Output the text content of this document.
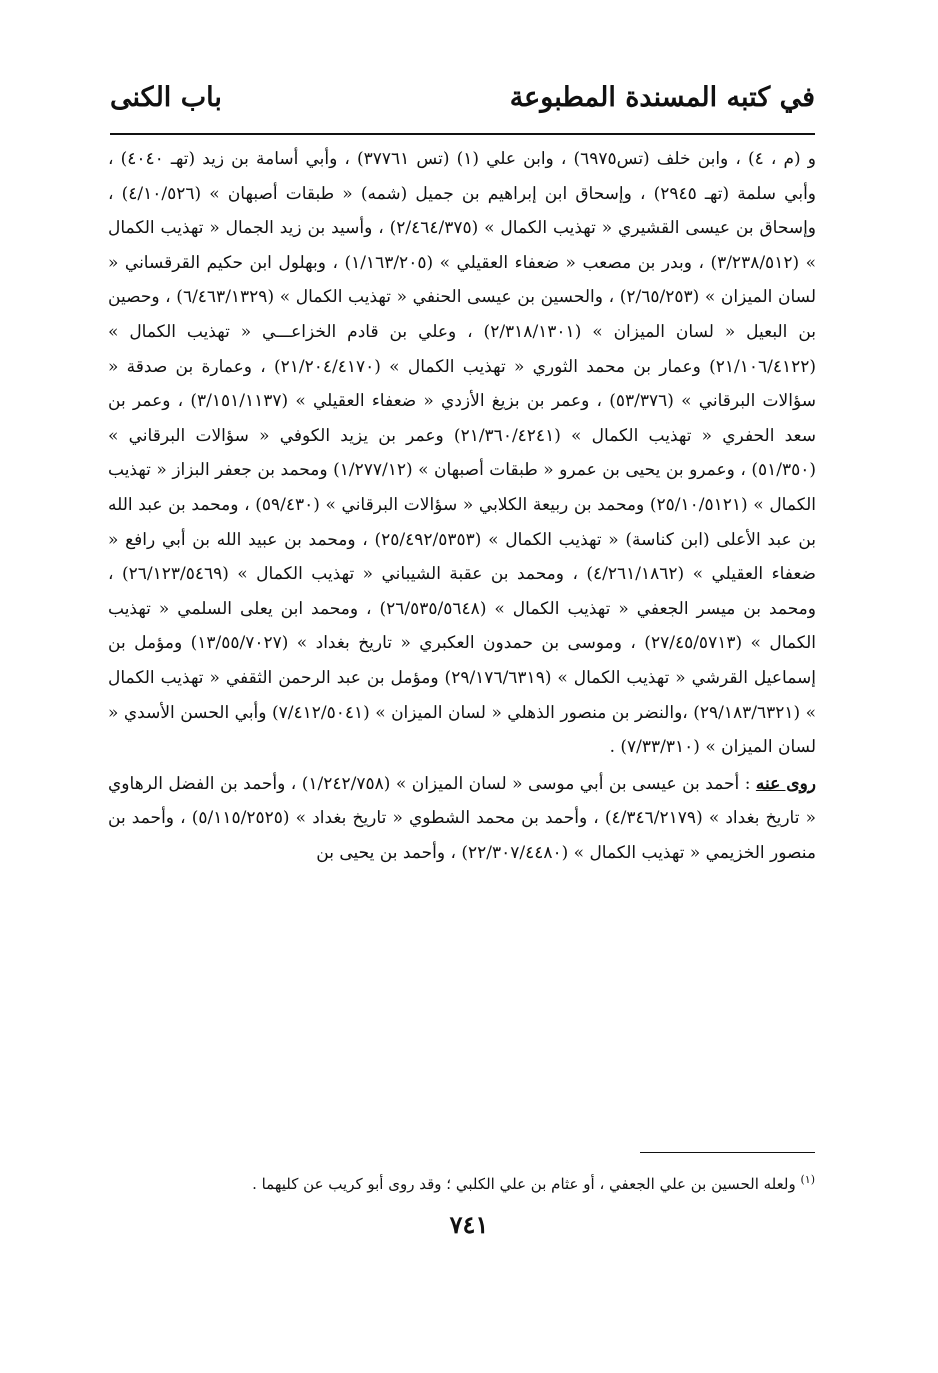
في كتبه المسندة المطبوعة
باب الكنى

و (م ، ٤) ، وابن خلف (تس٦٩٧٥) ، وابن علي (١) (تس ٣٧٧٦١) ، وأبي أسامة بن زيد (تهـ ٤٠٤٠) ، وأبي سلمة (تهـ ٢٩٤٥) ، وإسحاق ابن إبراهيم بن جميل (شمه) « طبقات أصبهان » (٤/١٠/٥٢٦) ، وإسحاق بن عيسى القشيري « تهذيب الكمال » (٢/٤٦٤/٣٧٥) ، وأسيد بن زيد الجمال « تهذيب الكمال » (٣/٢٣٨/٥١٢) ، وبدر بن مصعب « ضعفاء العقيلي » (١/١٦٣/٢٠٥) ، وبهلول ابن حكيم القرقساني « لسان الميزان » (٢/٦٥/٢٥٣) ، والحسين بن عيسى الحنفي « تهذيب الكمال » (٦/٤٦٣/١٣٢٩) ، وحصين بن البعيل « لسان الميزان » (٢/٣١٨/١٣٠١) ، وعلي بن قادم الخزاعـــي « تهذيب الكمال » (٢١/١٠٦/٤١٢٢) وعمار بن محمد الثوري « تهذيب الكمال » (٢١/٢٠٤/٤١٧٠) ، وعمارة بن صدقة « سؤالات البرقاني » (٥٣/٣٧٦) ، وعمر بن بزيغ الأزدي « ضعفاء العقيلي » (٣/١٥١/١١٣٧) ، وعمر بن سعد الحفري « تهذيب الكمال » (٢١/٣٦٠/٤٢٤١) وعمر بن يزيد الكوفي « سؤالات البرقاني » (٥١/٣٥٠) ، وعمرو بن يحيى بن عمرو « طبقات أصبهان » (١/٢٧٧/١٢) ومحمد بن جعفر البزاز « تهذيب الكمال » (٢٥/١٠/٥١٢١) ومحمد بن ربيعة الكلابي « سؤالات البرقاني » (٥٩/٤٣٠) ، ومحمد بن عبد الله بن عبد الأعلى (ابن كناسة) « تهذيب الكمال » (٢٥/٤٩٢/٥٣٥٣) ، ومحمد بن عبيد الله بن أبي رافع « ضعفاء العقيلي » (٤/٢٦١/١٨٦٢) ، ومحمد بن عقبة الشيباني « تهذيب الكمال » (٢٦/١٢٣/٥٤٦٩) ، ومحمد بن ميسر الجعفي « تهذيب الكمال » (٢٦/٥٣٥/٥٦٤٨) ، ومحمد ابن يعلى السلمي « تهذيب الكمال » (٢٧/٤٥/٥٧١٣) ، وموسى بن حمدون العكبري « تاريخ بغداد » (١٣/٥٥/٧٠٢٧) ومؤمل بن إسماعيل القرشي « تهذيب الكمال » (٢٩/١٧٦/٦٣١٩) ومؤمل بن عبد الرحمن الثقفي « تهذيب الكمال » (٢٩/١٨٣/٦٣٢١) ،والنضر بن منصور الذهلي « لسان الميزان » (٧/٤١٢/٥٠٤١) وأبي الحسن الأسدي « لسان الميزان » (٧/٣٣/٣١٠) .

روى عنه : أحمد بن عيسى بن أبي موسى « لسان الميزان » (١/٢٤٢/٧٥٨) ، وأحمد بن الفضل الرهاوي « تاريخ بغداد » (٤/٣٤٦/٢١٧٩) ، وأحمد بن محمد الشطوي « تاريخ بغداد » (٥/١١٥/٢٥٢٥) ، وأحمد بن منصور الخزيمي « تهذيب الكمال » (٢٢/٣٠٧/٤٤٨٠) ، وأحمد بن يحيى بن

$^{(١)}$ ولعله الحسين بن علي الجعفي ، أو عثام بن علي الكلبي ؛ وقد روى أبو كريب عن كليهما .
٧٤١
